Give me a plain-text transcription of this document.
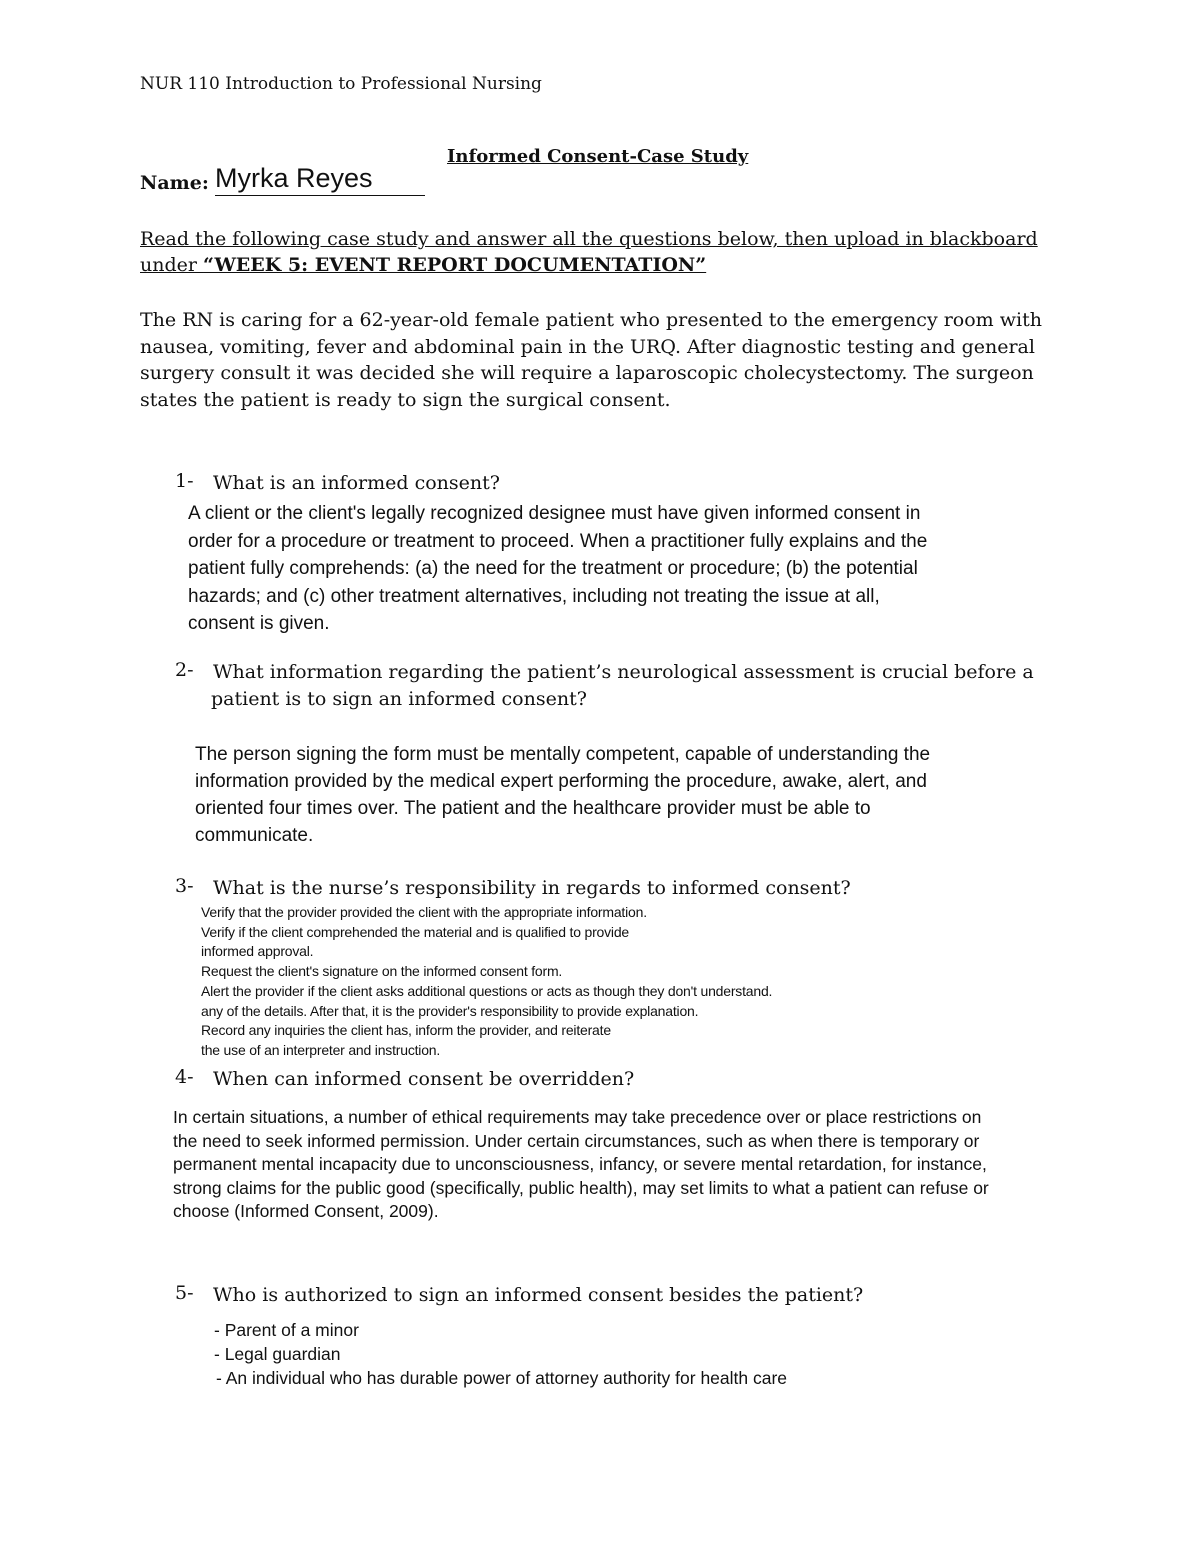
NUR 110 Introduction to Professional Nursing
Informed Consent-Case Study
Name: Myrka Reyes
Read the following case study and answer all the questions below, then upload in blackboard
under “WEEK 5: EVENT REPORT DOCUMENTATION”
The RN is caring for a 62-year-old female patient who presented to the emergency room with
nausea, vomiting, fever and abdominal pain in the URQ. After diagnostic testing and general
surgery consult it was decided she will require a laparoscopic cholecystectomy. The surgeon
states the patient is ready to sign the surgical consent.
1- What is an informed consent?
A client or the client's legally recognized designee must have given informed consent in
order for a procedure or treatment to proceed. When a practitioner fully explains and the
patient fully comprehends: (a) the need for the treatment or procedure; (b) the potential
hazards; and (c) other treatment alternatives, including not treating the issue at all,
consent is given.
2- What information regarding the patient’s neurological assessment is crucial before a
patient is to sign an informed consent?
The person signing the form must be mentally competent, capable of understanding the
information provided by the medical expert performing the procedure, awake, alert, and
oriented four times over. The patient and the healthcare provider must be able to
communicate.
3- What is the nurse’s responsibility in regards to informed consent?
Verify that the provider provided the client with the appropriate information.
Verify if the client comprehended the material and is qualified to provide
informed approval.
Request the client's signature on the informed consent form.
Alert the provider if the client asks additional questions or acts as though they don't understand.
any of the details. After that, it is the provider's responsibility to provide explanation.
Record any inquiries the client has, inform the provider, and reiterate
the use of an interpreter and instruction.
4- When can informed consent be overridden?
In certain situations, a number of ethical requirements may take precedence over or place restrictions on
the need to seek informed permission. Under certain circumstances, such as when there is temporary or
permanent mental incapacity due to unconsciousness, infancy, or severe mental retardation, for instance,
strong claims for the public good (specifically, public health), may set limits to what a patient can refuse or
choose (Informed Consent, 2009).
5- Who is authorized to sign an informed consent besides the patient?
- Parent of a minor
- Legal guardian
- An individual who has durable power of attorney authority for health care
